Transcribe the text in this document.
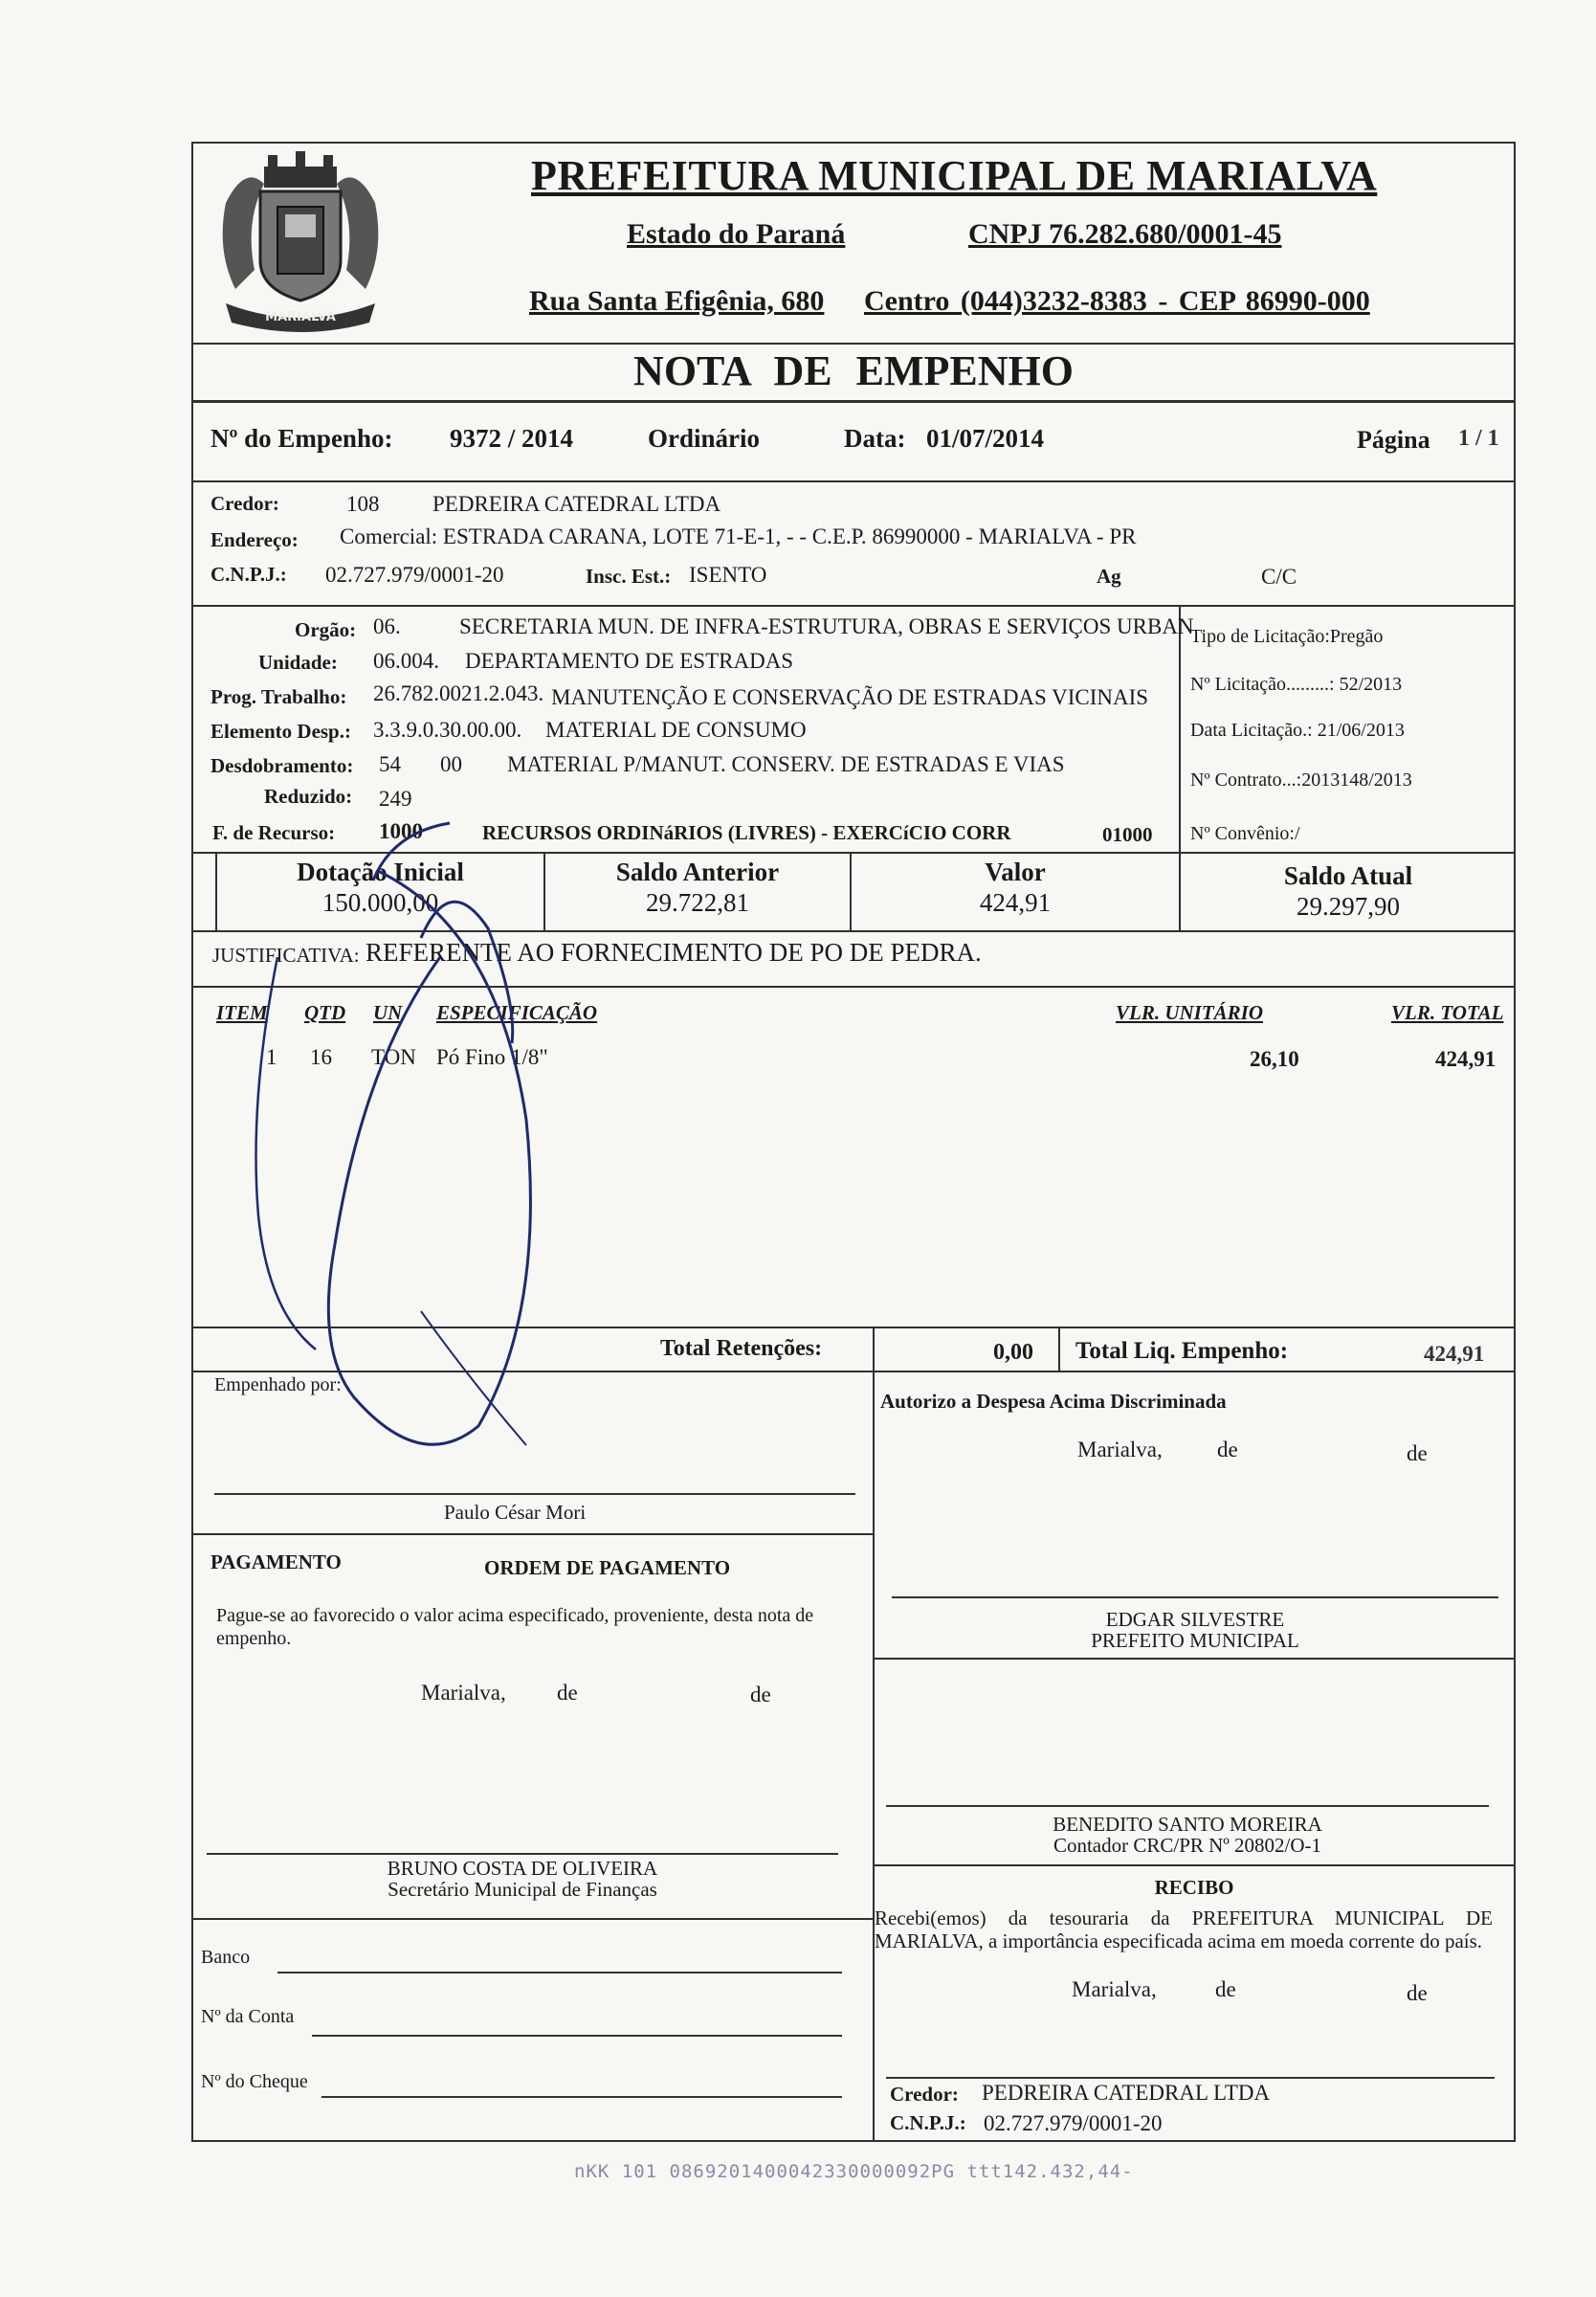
MARIALVA
PREFEITURA MUNICIPAL DE MARIALVA
Estado do Paraná	CNPJ 76.282.680/0001-45
Rua Santa Efigênia, 680 Centro (044)3232-8383 - CEP 86990-000
NOTA DE EMPENHO
Nº do Empenho: 9372 / 2014	Ordinário	Data: 01/07/2014	Página 1 / 1
Credor:	108 PEDREIRA CATEDRAL LTDA
Endereço: Comercial: ESTRADA CARANA, LOTE 71-E-1, - - C.E.P. 86990000 - MARIALVA - PR
C.N.P.J.: 02.727.979/0001-20	Insc. Est.: ISENTO	Ag	C/C
Orgão: 06.	SECRETARIA MUN. DE INFRA-ESTRUTURA, OBRAS E SERVIÇOS URBAN
Unidade: 06.004. DEPARTAMENTO DE ESTRADAS
Prog. Trabalho: 26.782.0021.2.043. MANUTENÇÃO E CONSERVAÇÃO DE ESTRADAS VICINAIS
Elemento Desp.: 3.3.9.0.30.00.00. MATERIAL DE CONSUMO
Desdobramento: 54 00 MATERIAL P/MANUT. CONSERV. DE ESTRADAS E VIAS
Reduzido: 249
F. de Recurso: 1000	RECURSOS ORDINáRIOS (LIVRES) - EXERCíCIO CORR	01000
Tipo de Licitação:Pregão
Nº Licitação.........: 52/2013
Data Licitação.: 21/06/2013
Nº Contrato...:2013148/2013
Nº Convênio:/
Dotação Inicial
150.000,00
Saldo Anterior
29.722,81
Valor
424,91
Saldo Atual
29.297,90
JUSTIFICATIVA: REFERENTE AO FORNECIMENTO DE PO DE PEDRA.
ITEM QTD UN ESPECIFICAÇÃO	VLR. UNITÁRIO	VLR. TOTAL
1 16 TON Pó Fino 1/8"	26,10	424,91
Total Retenções:	0,00 Total Liq. Empenho:	424,91
Empenhado por:
Paulo César Mori
Autorizo a Despesa Acima Discriminada
Marialva, de	de
EDGAR SILVESTRE
PREFEITO MUNICIPAL
PAGAMENTO	ORDEM DE PAGAMENTO
Pague-se ao favorecido o valor acima especificado, proveniente, desta nota de empenho.
Marialva, de	de
BRUNO COSTA DE OLIVEIRA
Secretário Municipal de Finanças
BENEDITO SANTO MOREIRA
Contador CRC/PR Nº 20802/O-1
RECIBO
Recebi(emos) da tesouraria da PREFEITURA MUNICIPAL DE MARIALVA, a importância especificada acima em moeda corrente do país.
Marialva,	de	de
Credor: PEDREIRA CATEDRAL LTDA
C.N.P.J.: 02.727.979/0001-20
Banco
Nº da Conta
Nº do Cheque
nKK 101 0869201400042330000092PG ttt142.432,44-
